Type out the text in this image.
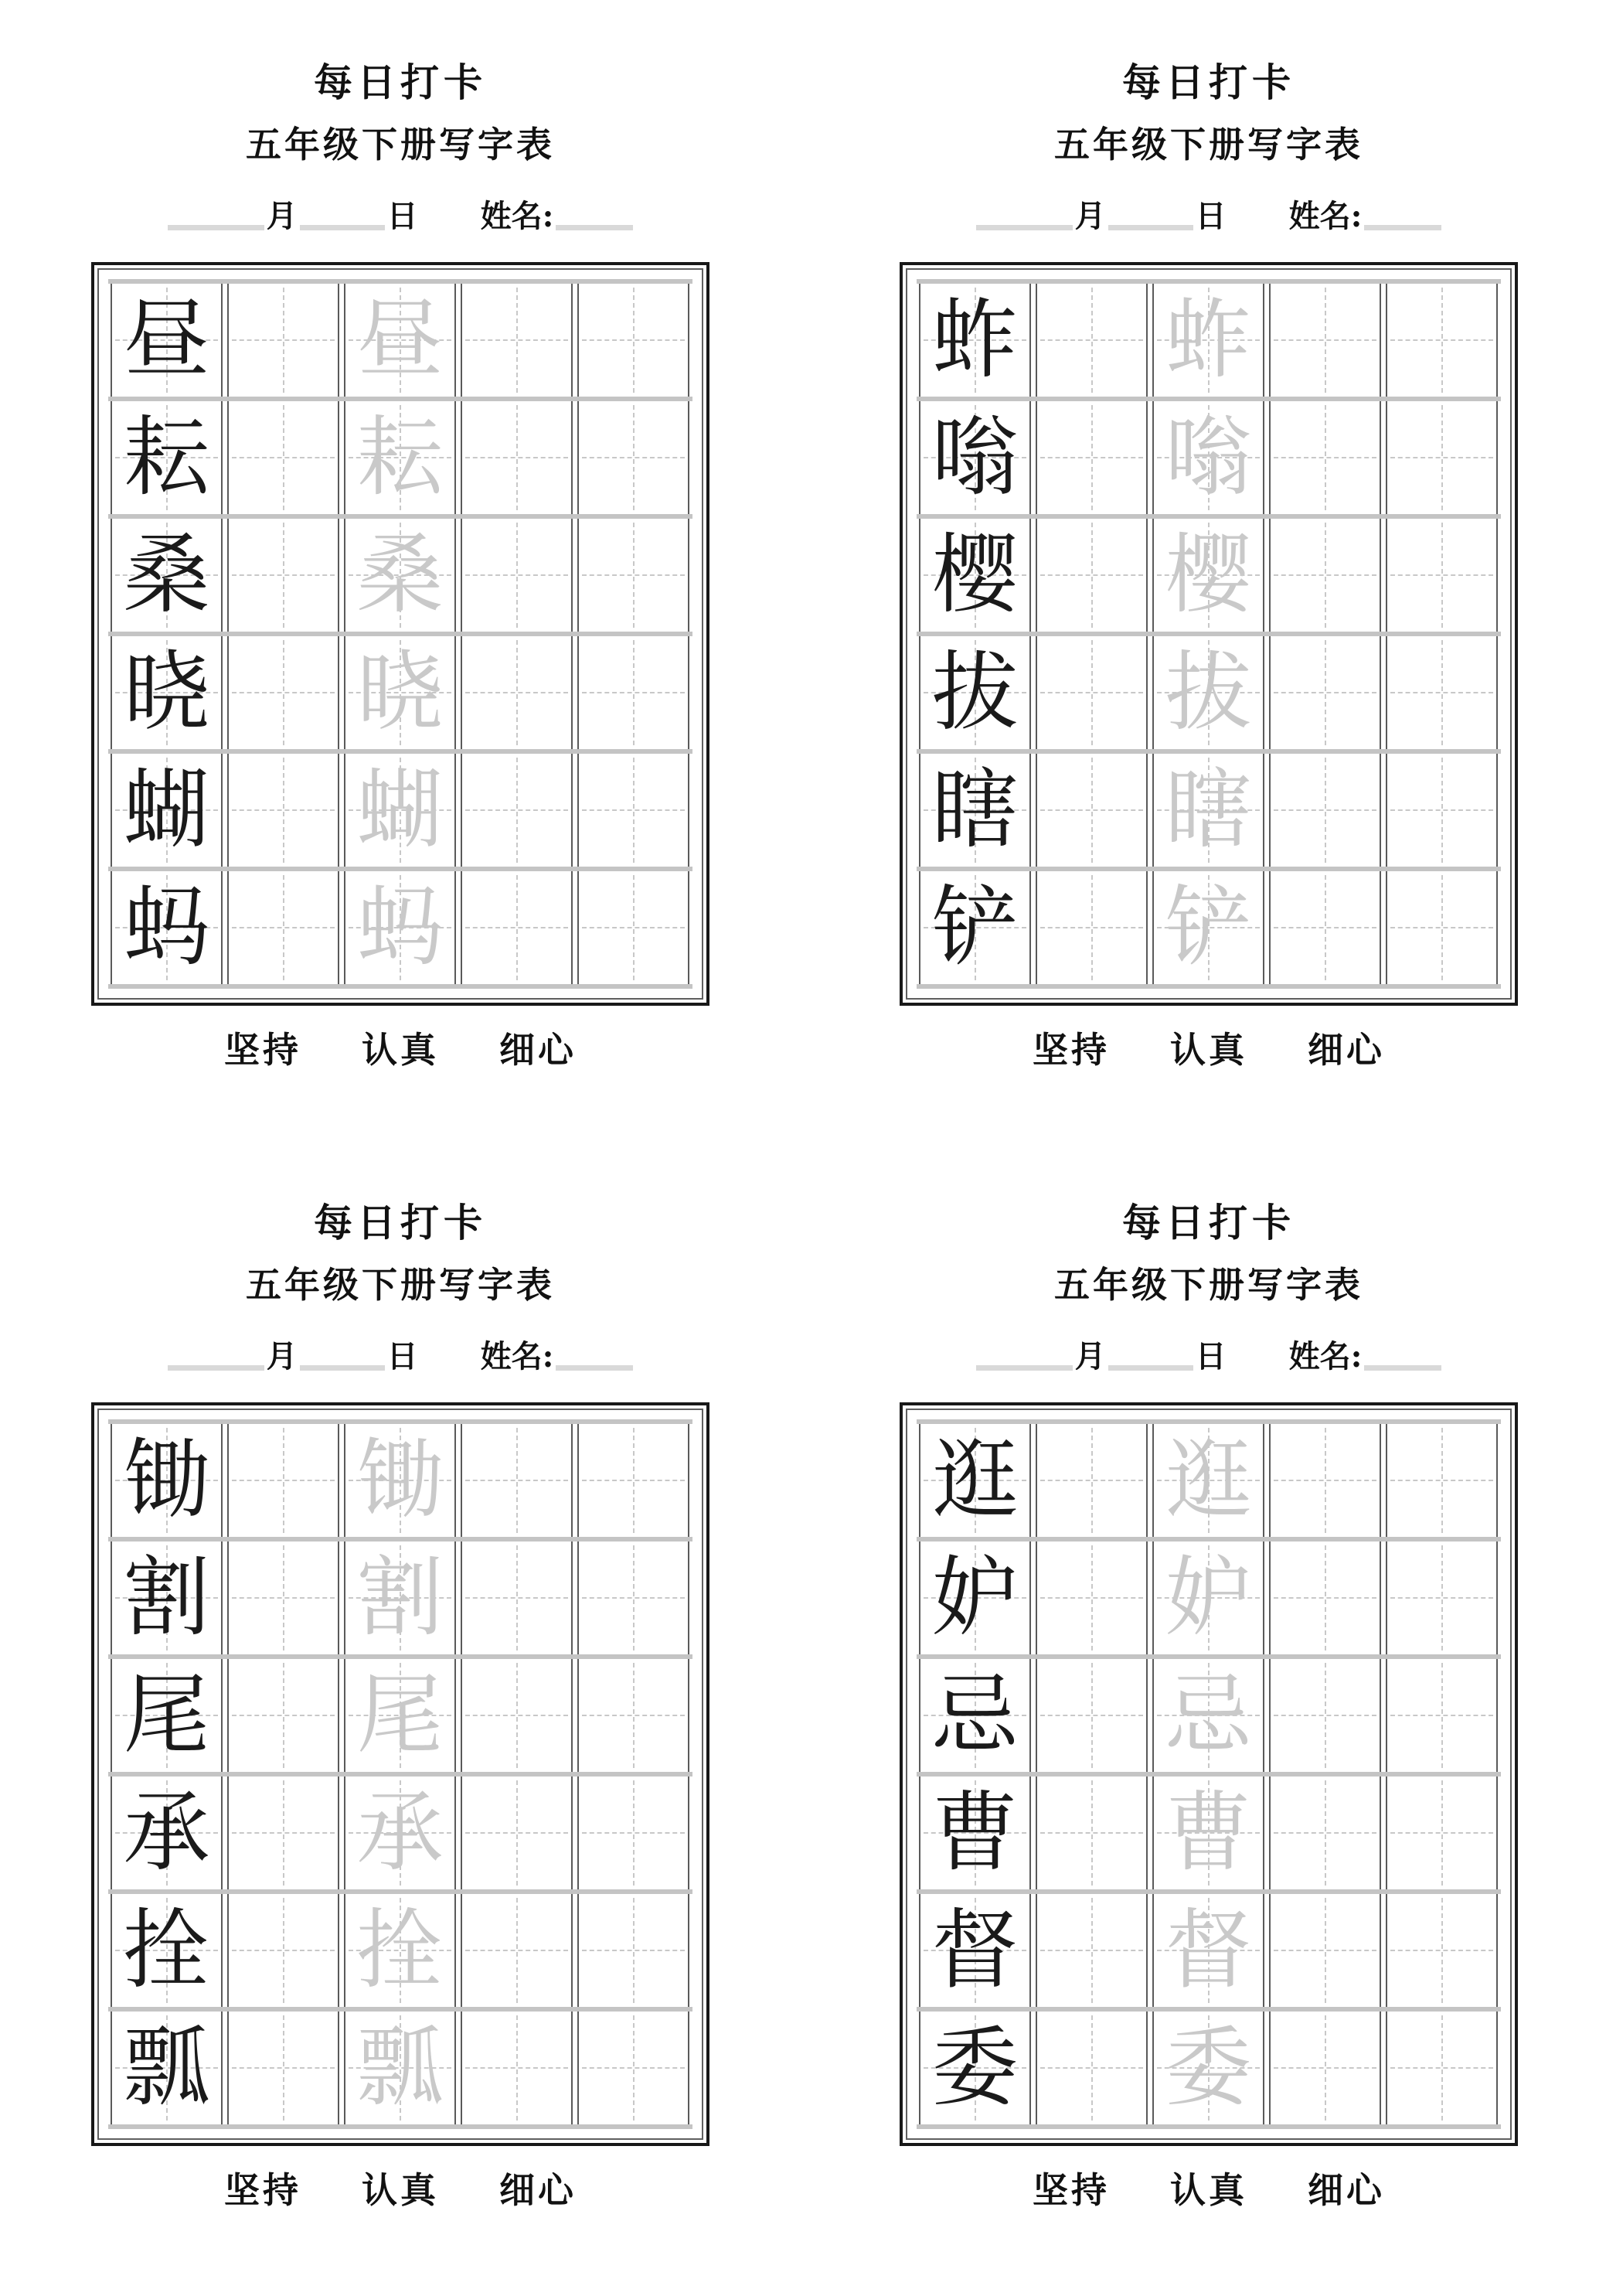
每日打卡
五年级下册写字表
月	日 姓名:
昼 昼
耘 耘
桑 桑
晓 晓
蝴 蝴
蚂 蚂
坚持 认真 细心
每日打卡
五年级下册写字表
月	日 姓名:
蚱 蚱
嗡 嗡
樱 樱
拔 拔
瞎 瞎
铲 铲
坚持 认真 细心
每日打卡
五年级下册写字表
月	日 姓名:
锄 锄
割 割
尾 尾
承 承
拴 拴
瓢 瓢
坚持 认真 细心
每日打卡
五年级下册写字表
月	日 姓名:
逛 逛
妒 妒
忌 忌
曹 曹
督 督
委 委
坚持 认真 细心
